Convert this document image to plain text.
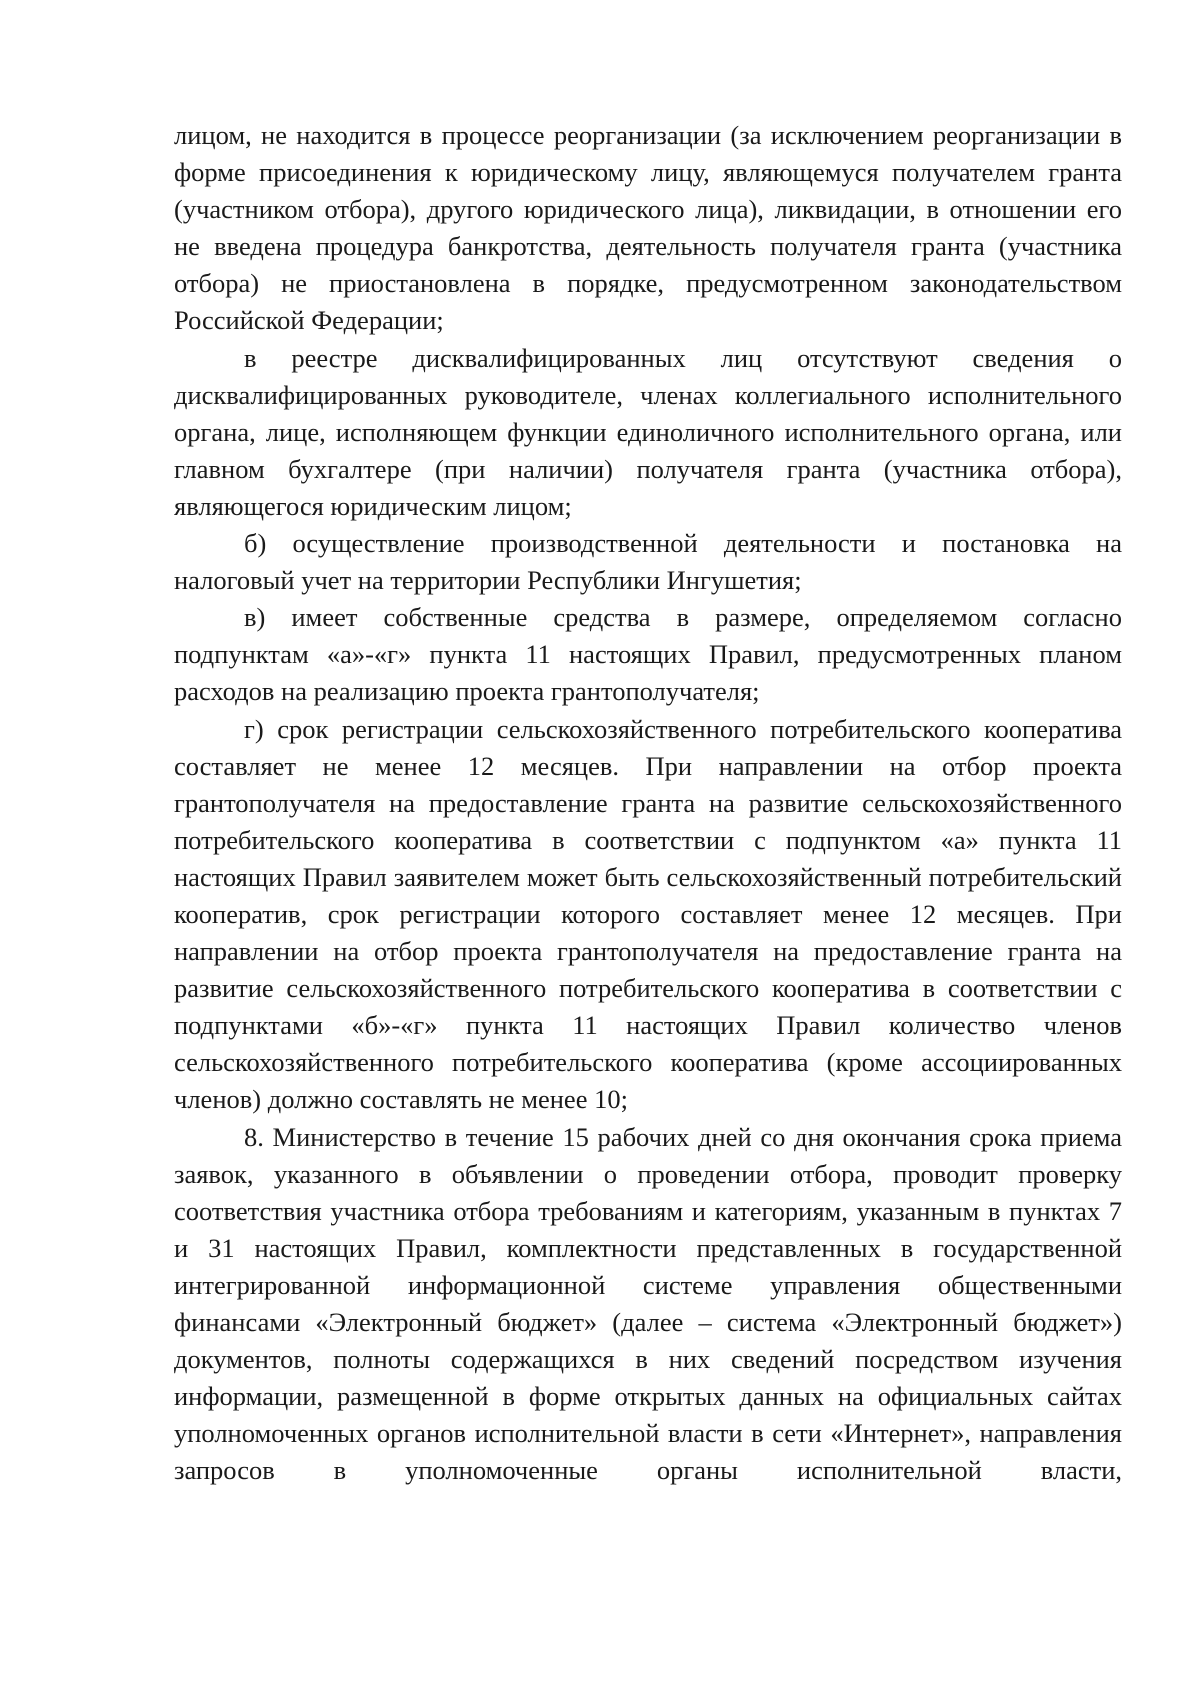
лицом, не находится в процессе реорганизации (за исключением реорганизации в форме присоединения к юридическому лицу, являющемуся получателем гранта (участником отбора), другого юридического лица), ликвидации, в отношении его не введена процедура банкротства, деятельность получателя гранта (участника отбора) не приостановлена в порядке, предусмотренном законодательством Российской Федерации;

в реестре дисквалифицированных лиц отсутствуют сведения о дисквалифицированных руководителе, членах коллегиального исполнительного органа, лице, исполняющем функции единоличного исполнительного органа, или главном бухгалтере (при наличии) получателя гранта (участника отбора), являющегося юридическим лицом;

б) осуществление производственной деятельности и постановка на налоговый учет на территории Республики Ингушетия;

в) имеет собственные средства в размере, определяемом согласно подпунктам «а»-«г» пункта 11 настоящих Правил, предусмотренных планом расходов на реализацию проекта грантополучателя;

г) срок регистрации сельскохозяйственного потребительского кооператива составляет не менее 12 месяцев. При направлении на отбор проекта грантополучателя на предоставление гранта на развитие сельскохозяйственного потребительского кооператива в соответствии с подпунктом «а» пункта 11 настоящих Правил заявителем может быть сельскохозяйственный потребительский кооператив, срок регистрации которого составляет менее 12 месяцев. При направлении на отбор проекта грантополучателя на предоставление гранта на развитие сельскохозяйственного потребительского кооператива в соответствии с подпунктами «б»-«г» пункта 11 настоящих Правил количество членов сельскохозяйственного потребительского кооператива (кроме ассоциированных членов) должно составлять не менее 10;

8. Министерство в течение 15 рабочих дней со дня окончания срока приема заявок, указанного в объявлении о проведении отбора, проводит проверку соответствия участника отбора требованиям и категориям, указанным в пунктах 7 и 31 настоящих Правил, комплектности представленных в государственной интегрированной информационной системе управления общественными финансами «Электронный бюджет» (далее – система «Электронный бюджет») документов, полноты содержащихся в них сведений посредством изучения информации, размещенной в форме открытых данных на официальных сайтах уполномоченных органов исполнительной власти в сети «Интернет», направления запросов в уполномоченные органы исполнительной власти,
